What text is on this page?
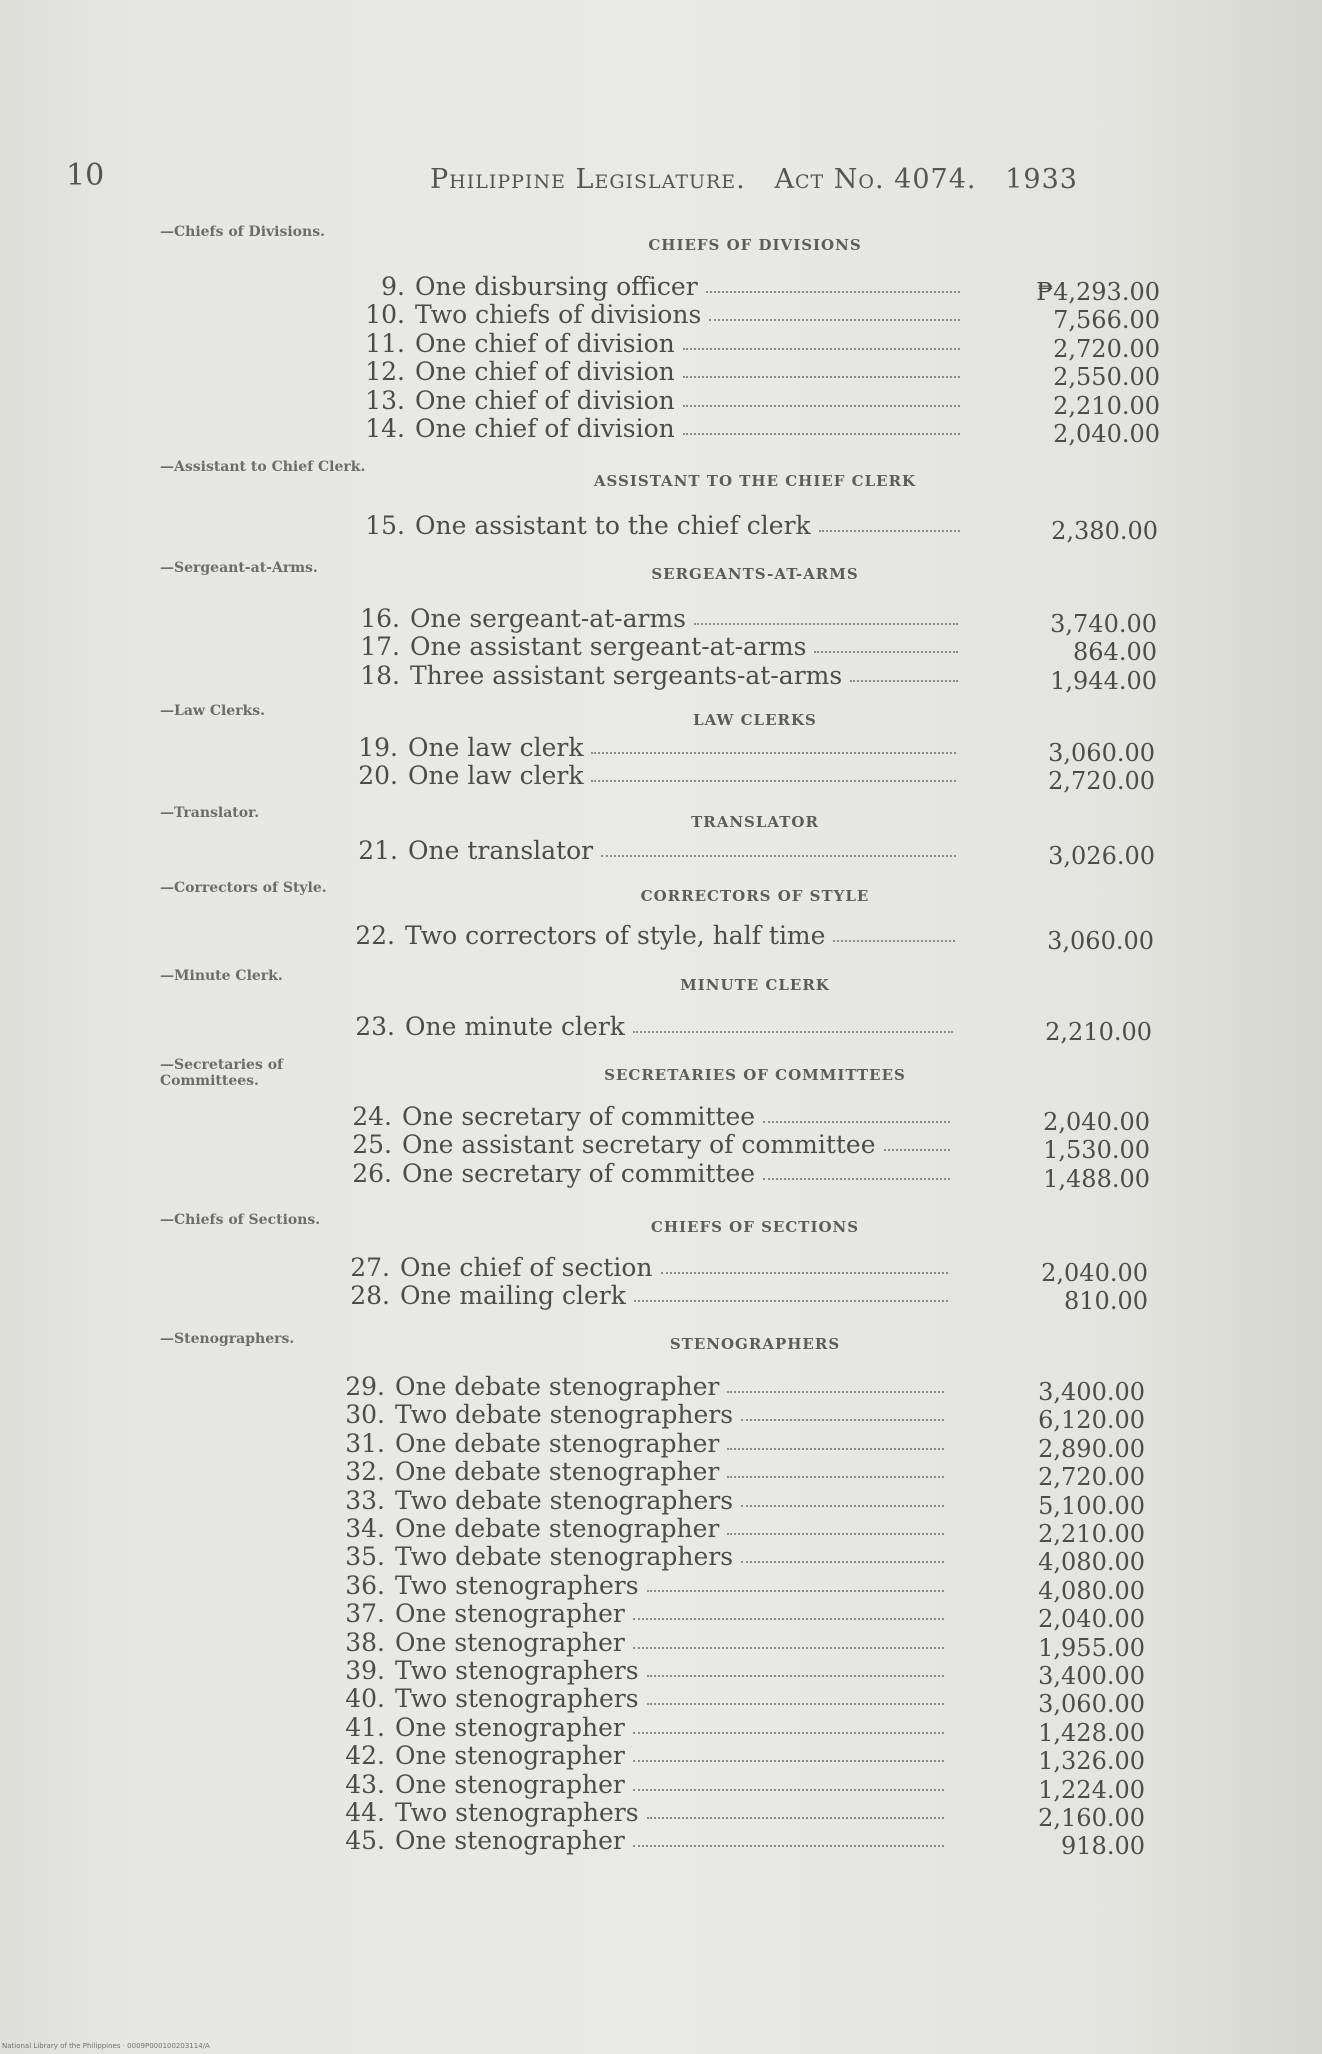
10	Philippine Legislature. Act No. 4074. 1933
—Chiefs of Divisions.
CHIEFS OF DIVISIONS
9. One disbursing officer	₱4,293.00
10. Two chiefs of divisions	7,566.00
11. One chief of division	2,720.00
12. One chief of division	2,550.00
13. One chief of division	2,210.00
14. One chief of division	2,040.00
—Assistant to Chief Clerk.
ASSISTANT TO THE CHIEF CLERK
15. One assistant to the chief clerk	2,380.00
—Sergeant-at-Arms.	SERGEANTS-AT-ARMS
16. One sergeant-at-arms	3,740.00
17. One assistant sergeant-at-arms	864.00
18. Three assistant sergeants-at-arms	1,944.00
—Law Clerks.	LAW CLERKS
19. One law clerk	3,060.00
20. One law clerk	2,720.00
—Translator.	TRANSLATOR
21. One translator	3,026.00
—Correctors of Style.	CORRECTORS OF STYLE
22. Two correctors of style, half time	3,060.00
—Minute Clerk.	MINUTE CLERK
23. One minute clerk	2,210.00
—Secretaries of Committees.	SECRETARIES OF COMMITTEES
24. One secretary of committee	2,040.00
25. One assistant secretary of committee	1,530.00
26. One secretary of committee	1,488.00
—Chiefs of Sections.	CHIEFS OF SECTIONS
27. One chief of section	2,040.00
28. One mailing clerk	810.00
—Stenographers.	STENOGRAPHERS
29. One debate stenographer	3,400.00
30. Two debate stenographers	6,120.00
31. One debate stenographer	2,890.00
32. One debate stenographer	2,720.00
33. Two debate stenographers	5,100.00
34. One debate stenographer	2,210.00
35. Two debate stenographers	4,080.00
36. Two stenographers	4,080.00
37. One stenographer	2,040.00
38. One stenographer	1,955.00
39. Two stenographers	3,400.00
40. Two stenographers	3,060.00
41. One stenographer	1,428.00
42. One stenographer	1,326.00
43. One stenographer	1,224.00
44. Two stenographers	2,160.00
45. One stenographer	918.00
National Library of the Philippines · 0009P000100203114/A
